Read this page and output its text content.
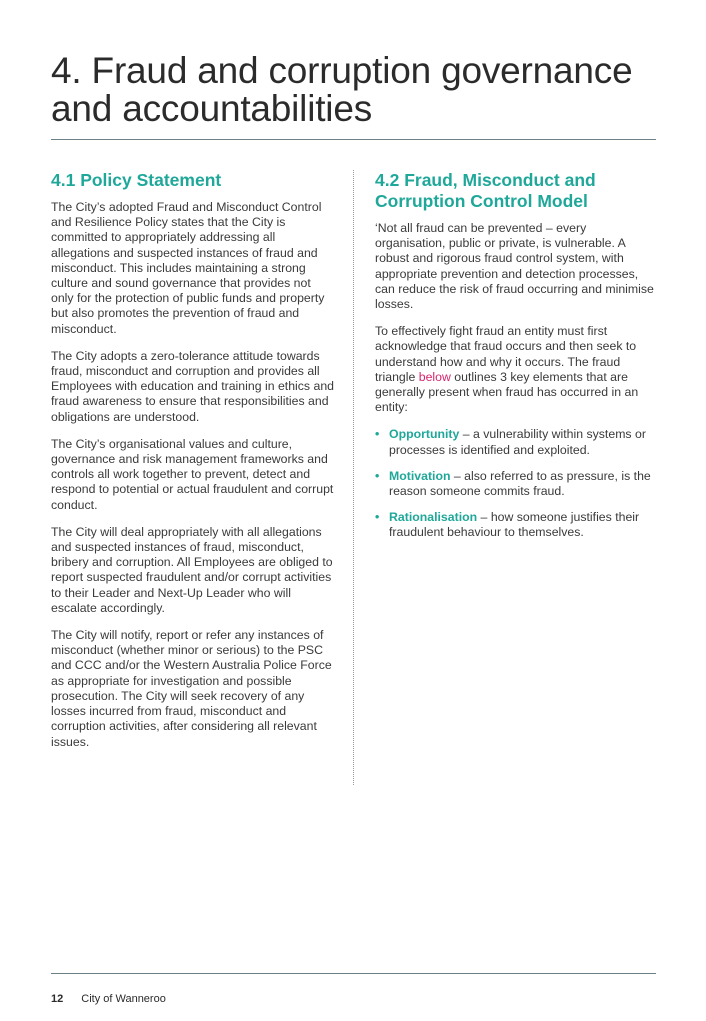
4. Fraud and corruption governance and accountabilities
4.1 Policy Statement

The City’s adopted Fraud and Misconduct Control and Resilience Policy states that the City is committed to appropriately addressing all allegations and suspected instances of fraud and misconduct. This includes maintaining a strong culture and sound governance that provides not only for the protection of public funds and property but also promotes the prevention of fraud and misconduct.

The City adopts a zero-tolerance attitude towards fraud, misconduct and corruption and provides all Employees with education and training in ethics and fraud awareness to ensure that responsibilities and obligations are understood.

The City’s organisational values and culture, governance and risk management frameworks and controls all work together to prevent, detect and respond to potential or actual fraudulent and corrupt conduct.

The City will deal appropriately with all allegations and suspected instances of fraud, misconduct, bribery and corruption. All Employees are obliged to report suspected fraudulent and/or corrupt activities to their Leader and Next-Up Leader who will escalate accordingly.

The City will notify, report or refer any instances of misconduct (whether minor or serious) to the PSC and CCC and/or the Western Australia Police Force as appropriate for investigation and possible prosecution. The City will seek recovery of any losses incurred from fraud, misconduct and corruption activities, after considering all relevant issues.

4.2 Fraud, Misconduct and Corruption Control Model

‘Not all fraud can be prevented – every organisation, public or private, is vulnerable. A robust and rigorous fraud control system, with appropriate prevention and detection processes, can reduce the risk of fraud occurring and minimise losses.

To effectively fight fraud an entity must first acknowledge that fraud occurs and then seek to understand how and why it occurs. The fraud triangle below outlines 3 key elements that are generally present when fraud has occurred in an entity:

• Opportunity – a vulnerability within systems or processes is identified and exploited.
• Motivation – also referred to as pressure, is the reason someone commits fraud.
• Rationalisation – how someone justifies their fraudulent behaviour to themselves.
12 City of Wanneroo
